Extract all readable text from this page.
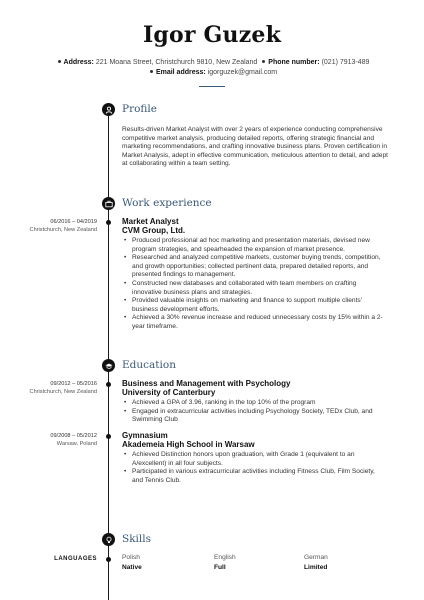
Igor Guzek
Address: 221 Moana Street, Christchurch 9810, New Zealand Phone number: (021) 7913-489
Email address: igorguzek@gmail.com
Profile
Results-driven Market Analyst with over 2 years of experience conducting comprehensive competitive market analysis, producing detailed reports, offering strategic financial and marketing recommendations, and crafting innovative business plans. Proven certification in Market Analysis, adept in effective communication, meticulous attention to detail, and adept at collaborating within a team setting.
Work experience
06/2016 – 04/2019
Christchurch, New Zealand
Market Analyst
CVM Group, Ltd.
• Produced professional ad hoc marketing and presentation materials, devised new program strategies, and spearheaded the expansion of market presence.
• Researched and analyzed competitive markets, customer buying trends, competition, and growth opportunities; collected pertinent data, prepared detailed reports, and presented findings to management.
• Constructed new databases and collaborated with team members on crafting innovative business plans and strategies.
• Provided valuable insights on marketing and finance to support multiple clients' business development efforts.
• Achieved a 30% revenue increase and reduced unnecessary costs by 15% within a 2-year timeframe.
Education
09/2012 – 05/2016
Christchurch, New Zealand
Business and Management with Psychology
University of Canterbury
• Achieved a GPA of 3.96, ranking in the top 10% of the program
• Engaged in extracurricular activities including Psychology Society, TEDx Club, and Swimming Club
09/2008 – 05/2012
Warsaw, Poland
Gymnasium
Akademeia High School in Warsaw
• Achieved Distinction honors upon graduation, with Grade 1 (equivalent to an A/excellent) in all four subjects.
• Participated in various extracurricular activities including Fitness Club, Film Society, and Tennis Club.
Skills
LANGUAGES	Polish
Native
English
Full
German
Limited
